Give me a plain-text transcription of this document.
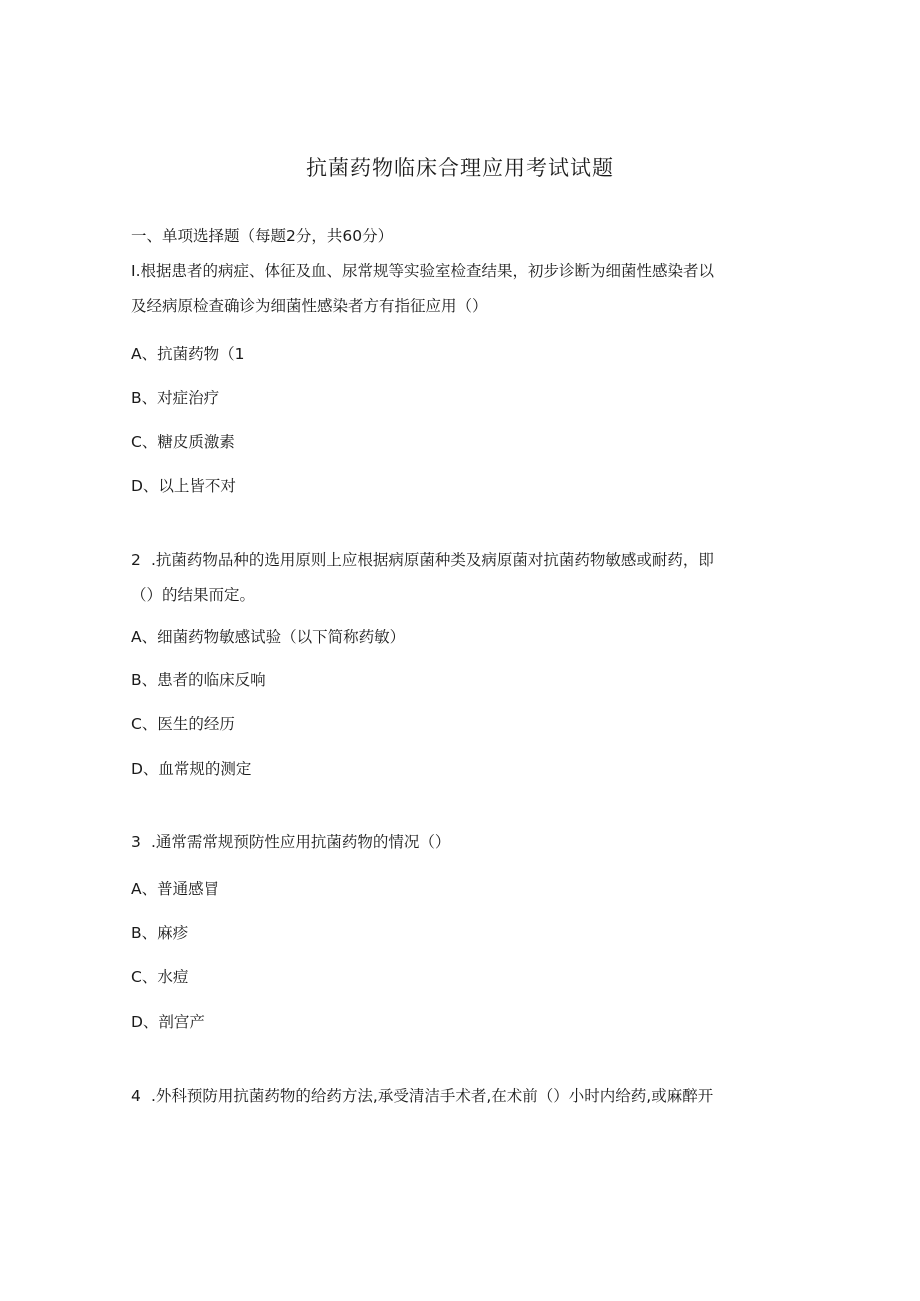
抗菌药物临床合理应用考试试题
一、单项选择题（每题2分，共60分）
I.根据患者的病症、体征及血、尿常规等实验室检查结果，初步诊断为细菌性感染者以
及经病原检查确诊为细菌性感染者方有指征应用（）
A、抗菌药物（1
B、对症治疗
C、糖皮质激素
D、以上皆不对
2 .抗菌药物品种的选用原则上应根据病原菌种类及病原菌对抗菌药物敏感或耐药，即
（）的结果而定。
A、细菌药物敏感试验（以下简称药敏）
B、患者的临床反响
C、医生的经历
D、血常规的测定
3 .通常需常规预防性应用抗菌药物的情况（）
A、普通感冒
B、麻疹
C、水痘
D、剖宫产
4 .外科预防用抗菌药物的给药方法,承受清洁手术者,在术前（）小时内给药,或麻醉开
